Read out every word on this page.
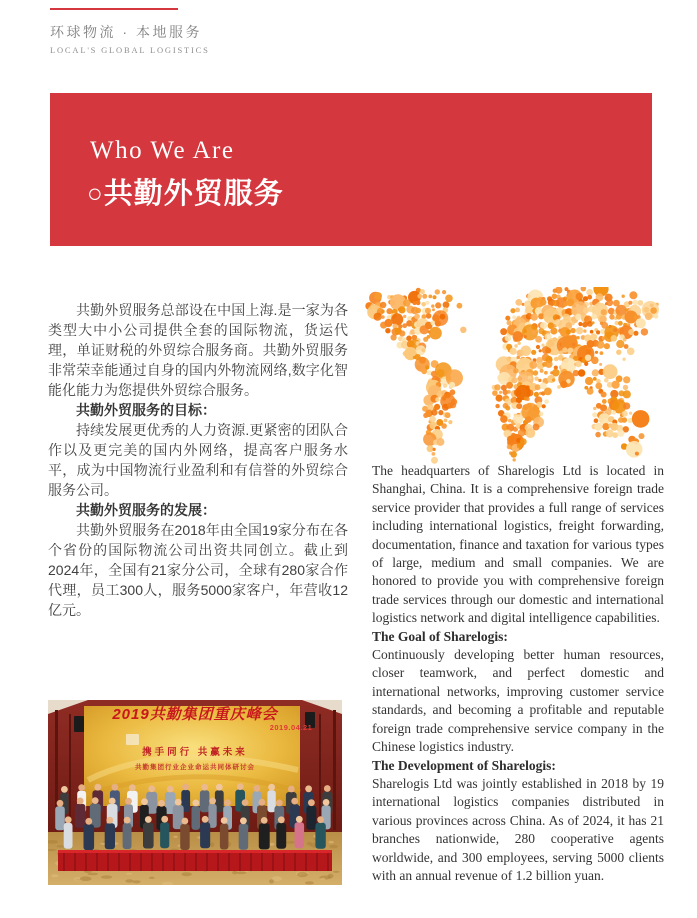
环球物流 · 本地服务
LOCAL'S GLOBAL LOGISTICS
Who We Are
○共勤外贸服务

共勤外贸服务总部设在中国上海.是一家为各类型大中小公司提供全套的国际物流，货运代理，单证财税的外贸综合服务商。共勤外贸服务非常荣幸能通过自身的国内外物流网络,数字化智能化能力为您提供外贸综合服务。

共勤外贸服务的目标：

持续发展更优秀的人力资源.更紧密的团队合作以及更完美的国内外网络，提高客户服务水平，成为中国物流行业盈利和有信誉的外贸综合服务公司。

共勤外贸服务的发展：

共勤外贸服务在2018年由全国19家分布在各个省份的国际物流公司出资共同创立。截止到2024年，全国有21家分公司，全球有280家合作代理，员工300人，服务5000家客户，年营收12亿元。

The headquarters of Sharelogis Ltd is located in Shanghai, China. It is a comprehensive foreign trade service provider that provides a full range of services including international logistics, freight forwarding, documentation, finance and taxation for various types of large, medium and small companies. We are honored to provide you with comprehensive foreign trade services through our domestic and international logistics network and digital intelligence capabilities.

The Goal of Sharelogis:

Continuously developing better human resources, closer teamwork, and perfect domestic and international networks, improving customer service standards, and becoming a profitable and reputable foreign trade comprehensive service company in the Chinese logistics industry.

The Development of Sharelogis:

Sharelogis Ltd was jointly established in 2018 by 19 international logistics companies distributed in various provinces across China. As of 2024, it has 21 branches nationwide, 280 cooperative agents worldwide, and 300 employees, serving 5000 clients with an annual revenue of 1.2 billion yuan.

2019共勤集团重庆峰会
2019.04.21
携手同行 共赢未来
共勤集团行业企业命运共同体研讨会
